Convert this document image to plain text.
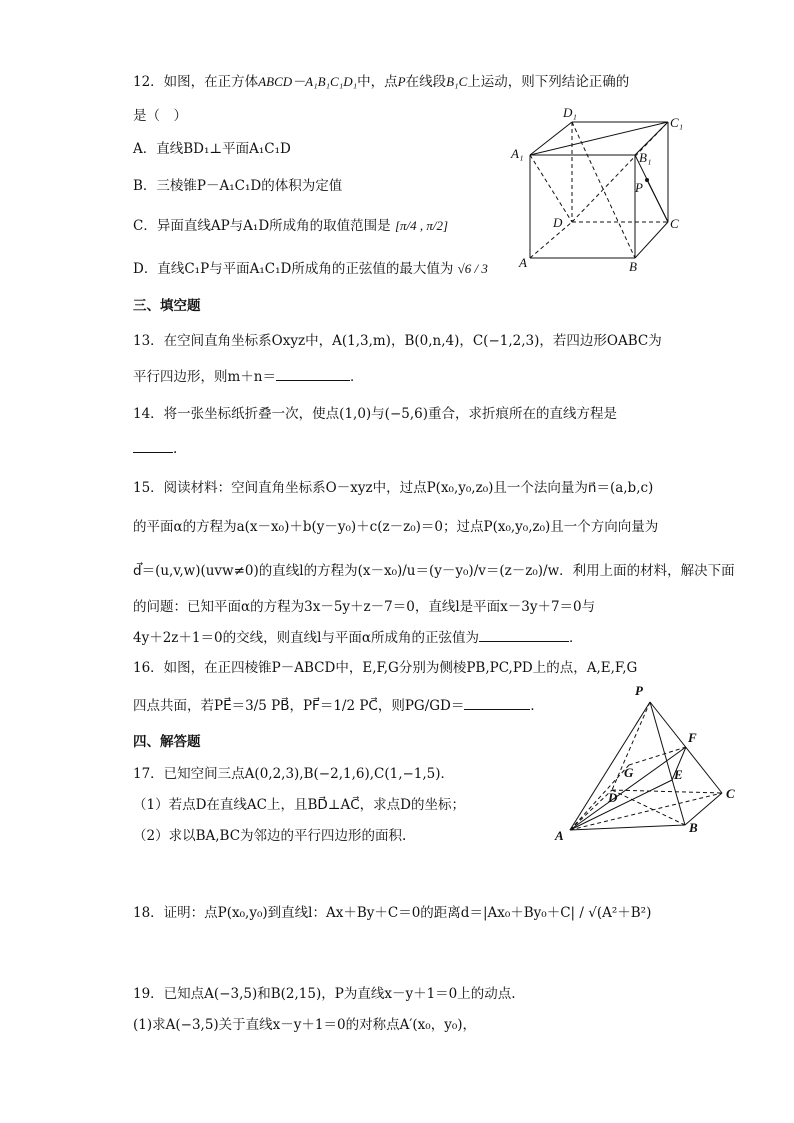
12．如图，在正方体ABCD－A₁B₁C₁D₁中，点P在线段B₁C上运动，则下列结论正确的
是（　）
A．直线BD₁⊥平面A₁C₁D
B．三棱锥P－A₁C₁D的体积为定值
C．异面直线AP与A₁D所成角的取值范围是 [π/4 , π/2]
D．直线C₁P与平面A₁C₁D所成角的正弦值的最大值为 √6 / 3
D₁
C₁
A₁	B₁
P
D	C
A	B
三、填空题
13．在空间直角坐标系Oxyz中，A(1,3,m)，B(0,n,4)，C(−1,2,3)，若四边形OABC为
平行四边形，则m＋n＝	．
14．将一张坐标纸折叠一次，使点(1,0)与(−5,6)重合，求折痕所在的直线方程是
.
15．阅读材料：空间直角坐标系O－xyz中，过点P(x₀,y₀,z₀)且一个法向量为n⃗＝(a,b,c)
的平面α的方程为a(x－x₀)＋b(y－y₀)＋c(z－z₀)＝0；过点P(x₀,y₀,z₀)且一个方向向量为
d⃗＝(u,v,w)(uvw≠0)的直线l的方程为(x－x₀)/u＝(y－y₀)/v＝(z－z₀)/w．利用上面的材料，解决下面
的问题：已知平面α的方程为3x－5y＋z－7＝0，直线l是平面x－3y＋7＝0与
4y＋2z＋1＝0的交线，则直线l与平面α所成角的正弦值为	．
16．如图，在正四棱锥P－ABCD中，E,F,G分别为侧棱PB,PC,PD上的点，A,E,F,G
四点共面，若PE⃗＝3/5 PB⃗，PF⃗＝1/2 PC⃗，则PG/GD＝	．
P
F
G	E
D	C
A
B
四、解答题
17．已知空间三点A(0,2,3),B(−2,1,6),C(1,−1,5)．
（1）若点D在直线AC上，且BD⃗⊥AC⃗，求点D的坐标；
（2）求以BA,BC为邻边的平行四边形的面积.
18．证明：点P(x₀,y₀)到直线l：Ax＋By＋C＝0的距离d＝|Ax₀＋By₀＋C| / √(A²＋B²)
19．已知点A(−3,5)和B(2,15)，P为直线x－y＋1＝0上的动点.
(1)求A(−3,5)关于直线x－y＋1＝0的对称点A′(x₀，y₀)，
